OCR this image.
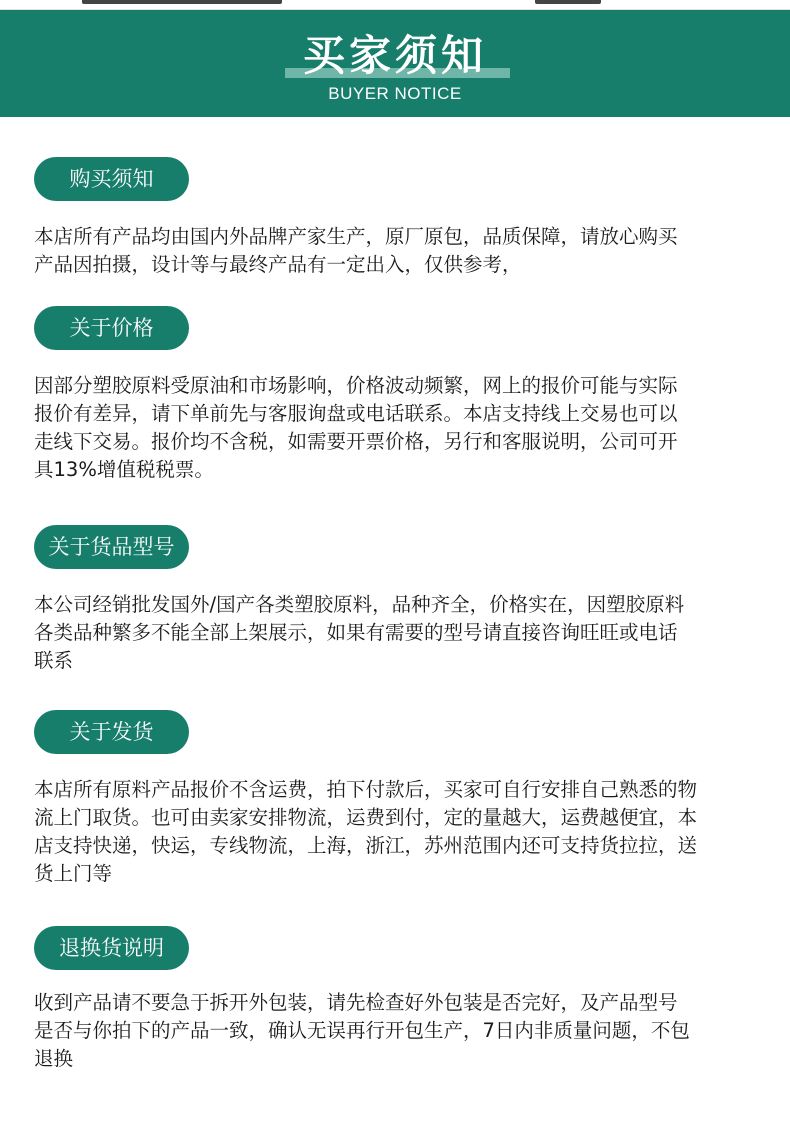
买家须知
BUYER NOTICE
购买须知
本店所有产品均由国内外品牌产家生产，原厂原包，品质保障，请放心购买
产品因拍摄，设计等与最终产品有一定出入，仅供参考，
关于价格
因部分塑胶原料受原油和市场影响，价格波动频繁，网上的报价可能与实际
报价有差异，请下单前先与客服询盘或电话联系。本店支持线上交易也可以
走线下交易。报价均不含税，如需要开票价格，另行和客服说明，公司可开
具13%增值税税票。
关于货品型号
本公司经销批发国外/国产各类塑胶原料，品种齐全，价格实在，因塑胶原料
各类品种繁多不能全部上架展示，如果有需要的型号请直接咨询旺旺或电话
联系
关于发货
本店所有原料产品报价不含运费，拍下付款后，买家可自行安排自己熟悉的物
流上门取货。也可由卖家安排物流，运费到付，定的量越大，运费越便宜，本
店支持快递，快运，专线物流，上海，浙江，苏州范围内还可支持货拉拉，送
货上门等
退换货说明
收到产品请不要急于拆开外包装，请先检查好外包装是否完好，及产品型号
是否与你拍下的产品一致，确认无误再行开包生产，7日内非质量问题，不包
退换
